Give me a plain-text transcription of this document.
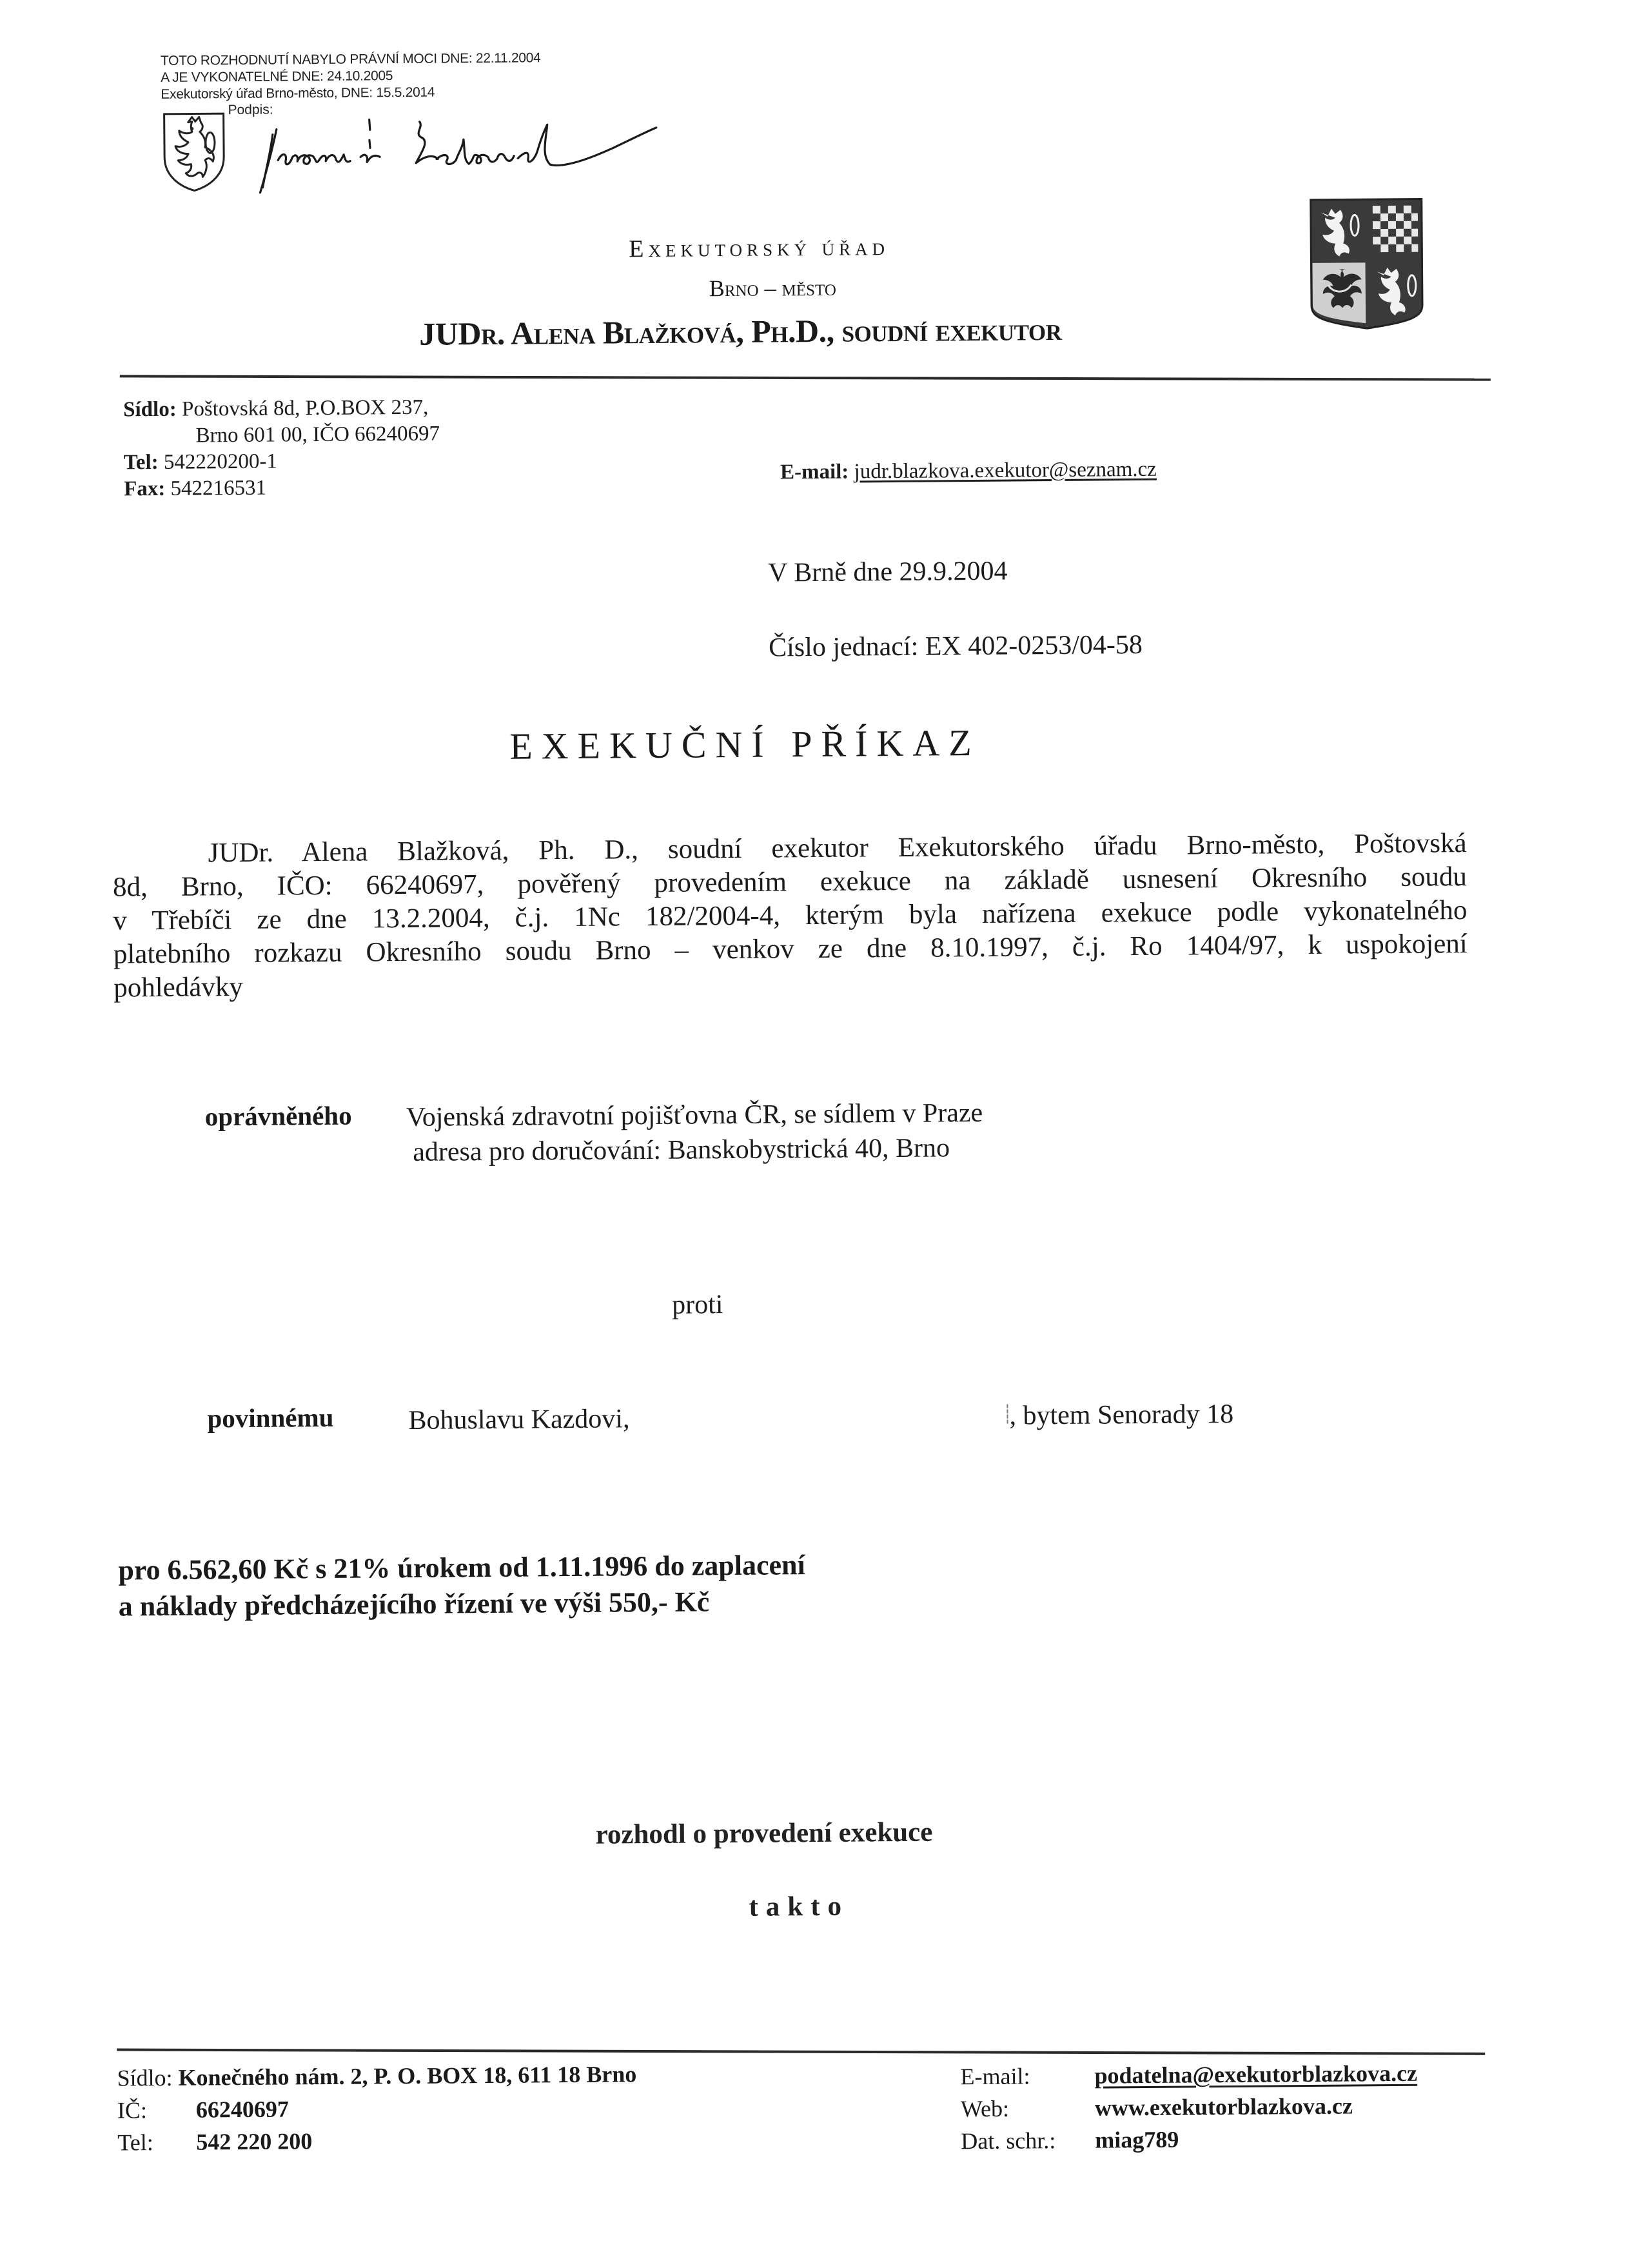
TOTO ROZHODNUTÍ NABYLO PRÁVNÍ MOCI DNE: 22.11.2004
A JE VYKONATELNÉ DNE: 24.10.2005
Exekutorský úřad Brno-město, DNE: 15.5.2014
Podpis:
Exekutorský úřad
Brno – město
JUDr. Alena Blažková, Ph.D., soudní exekutor
Sídlo: Poštovská 8d, P.O.BOX 237,
Brno 601 00, IČO 66240697
Tel: 542220200-1
Fax: 542216531
E-mail: judr.blazkova.exekutor@seznam.cz
V Brně dne 29.9.2004
Číslo jednací: EX 402-0253/04-58
EXEKUČNÍ PŘÍKAZ
JUDr. Alena Blažková, Ph. D., soudní exekutor Exekutorského úřadu Brno-město, Poštovská
8d, Brno, IČO: 66240697, pověřený provedením exekuce na základě usnesení Okresního soudu
v Třebíči ze dne 13.2.2004, č.j. 1Nc 182/2004-4, kterým byla nařízena exekuce podle vykonatelného
platebního rozkazu Okresního soudu Brno – venkov ze dne 8.10.1997, č.j. Ro 1404/97, k uspokojení
pohledávky
oprávněného Vojenská zdravotní pojišťovna ČR, se sídlem v Praze
adresa pro doručování: Banskobystrická 40, Brno
proti
povinnému	Bohuslavu Kazdovi,	, bytem Senorady 18
pro 6.562,60 Kč s 21% úrokem od 1.11.1996 do zaplacení
a náklady předcházejícího řízení ve výši 550,- Kč
rozhodl o provedení exekuce
takto
Sídlo: Konečného nám. 2, P. O. BOX 18, 611 18 Brno
IČ: 66240697
Tel: 542 220 200
E-mail:	podatelna@exekutorblazkova.cz
Web:	www.exekutorblazkova.cz
Dat. schr.: miag789
